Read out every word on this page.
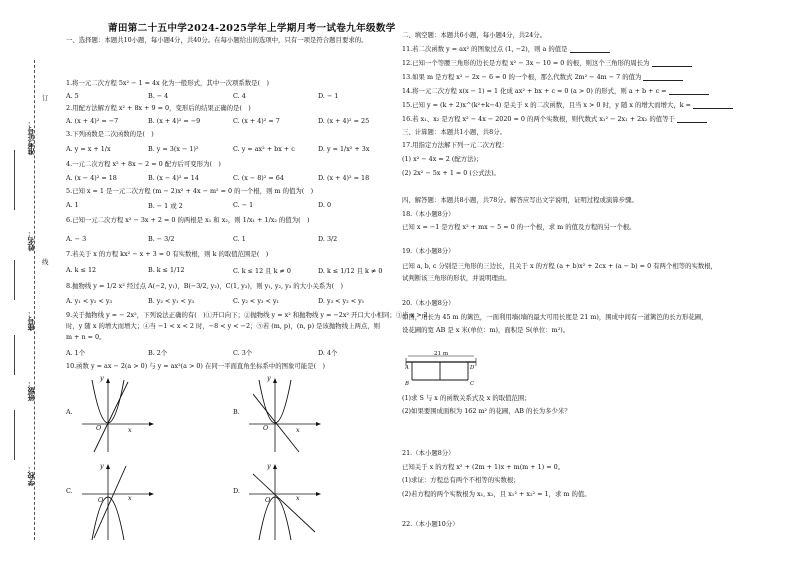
莆田第二十五中学2024-2025学年上学期月考一试卷九年级数学
准考证号：
姓名：
座号：
班级：
学校：
订
线
一、选择题：本题共10小题，每小题4分，共40分。在每小题给出的选项中，只有一项是符合题目要求的。
1.将一元二次方程 5x² − 1 = 4x 化为一般形式，其中一次项系数是(　)
A. 5	B. − 4	C. 4	D. − 1
2.用配方法解方程 x² + 8x + 9 = 0，变形后的结果正确的是(　)
A. (x + 4)² = −7	B. (x + 4)² = −9	C. (x + 4)² = 7	D. (x + 4)² = 25
3.下列函数是二次函数的是(　)
A. y = x + 1/x	B. y = 3(x − 1)²	C. y = ax² + bx + c	D. y = 1/x² + 3x
4.一元二次方程 x² + 8x − 2 = 0 配方后可变形为(　)
A. (x − 4)² = 18	B. (x − 4)² = 14	C. (x − 8)² = 64	D. (x + 4)² = 18
5.已知 x = 1 是一元二次方程 (m − 2)x² + 4x − m² = 0 的一个根，则 m 的值为(　)
A. 1	B. − 1 或 2	C. − 1	D. 0
6.已知一元二次方程 x² − 3x + 2 = 0 的两根是 x₁ 和 x₂，则 1/x₁ + 1/x₂ 的值为(　)
A. − 3	B. − 3/2	C. 1	D. 3/2
7.若关于 x 的方程 kx² − x + 3 = 0 有实数根，则 k 的取值范围是(　)
A. k ≤ 12	B. k ≤ 1/12	C. k ≤ 12 且 k ≠ 0	D. k ≤ 1/12 且 k ≠ 0
8.抛物线 y = 1/2 x² 经过点 A(−2, y₁)，B(−3/2, y₂)，C(1, y₃)，则 y₁, y₂, y₃ 的大小关系为(　)
A. y₁ < y₂ < y₃	B. y₂ < y₁ < y₃	C. y₂ < y₃ < y₁	D. y₃ < y₂ < y₁
9.关于抛物线 y = − 2x²，下列说法正确的有(　)①开口向下；②抛物线 y = x² 和抛物线 y = −2x² 开口大小相同；③当 x > 2
时，y 随 x 的增大而增大；④当 −1 < x < 2 时，−8 < y < −2；⑤若 (m, p)，(n, p) 是该抛物线上两点，则
m + n = 0。
A. 1个	B. 2个	C. 3个	D. 4个
10.函数 y = ax − 2(a > 0) 与 y = ax²(a > 0) 在同一平面直角坐标系中的图象可能是(　)
A.
x
y
O
B.
x
y
O
C.
x
y
O
D.
x
y
O
二、填空题：本题共6小题，每小题4分，共24分。
11.若二次函数 y = ax² 的图象过点 (1, −2)，则 a 的值是
12.已知一个等腰三角形的边长是方程 x² − 3x − 10 = 0 的根，则这个三角形的周长为
13.如果 m 是方程 x² − 2x − 6 = 0 的一个根，那么代数式 2m² − 4m − 7 的值为
14.将一元二次方程 x(x − 1) = 1 化成 ax² + bx + c = 0 (a > 0) 的形式，则 a + b + c =
15.已知 y = (k + 2)x^(k²+k−4) 是关于 x 的二次函数，且当 x > 0 时，y 随 x 的增大而增大，k =
16.若 x₁、x₂ 是方程 x² − 4x − 2020 = 0 的两个实数根，则代数式 x₁² − 2x₁ + 2x₂ 的值等于
三、计算题：本题共1小题，共8分。
17.用指定方法解下列一元二次方程：
(1) x² − 4x = 2 (配方法)；
(2) 2x² − 5x + 1 = 0 (公式法)。
四、解答题：本题共8小题，共78分。解答应写出文字说明，证明过程或演算步骤。
18.（本小题8分）
已知 x = −1 是方程 x² + mx − 5 = 0 的一个根，求 m 的值及方程的另一个根。
19.（本小题8分）
已知 a, b, c 分别是三角形的三边长，且关于 x 的方程 (a + b)x² + 2cx + (a − b) = 0 有两个相等的实数根，
试判断该三角形的形状，并说明理由。
20.（本小题8分）
如图，用长为 45 m 的篱笆，一面利用墙(墙的最大可用长度是 21 m)，围成中间有一道篱笆的长方形花圃，
设花圃的宽 AB 是 x 米(单位：m)，面积是 S(单位：m²)。
21 m
A
B
D
C
(1)求 S 与 x 的函数关系式及 x 的取值范围；
(2)如果要围成面积为 162 m² 的花圃，AB 的长为多少米？
21.（本小题8分）
已知关于 x 的方程 x² + (2m + 1)x + m(m + 1) = 0。
(1)求证：方程总有两个不相等的实数根；
(2)若方程的两个实数根为 x₁, x₂，且 x₁² + x₂² = 1，求 m 的值。
22.（本小题10分）
